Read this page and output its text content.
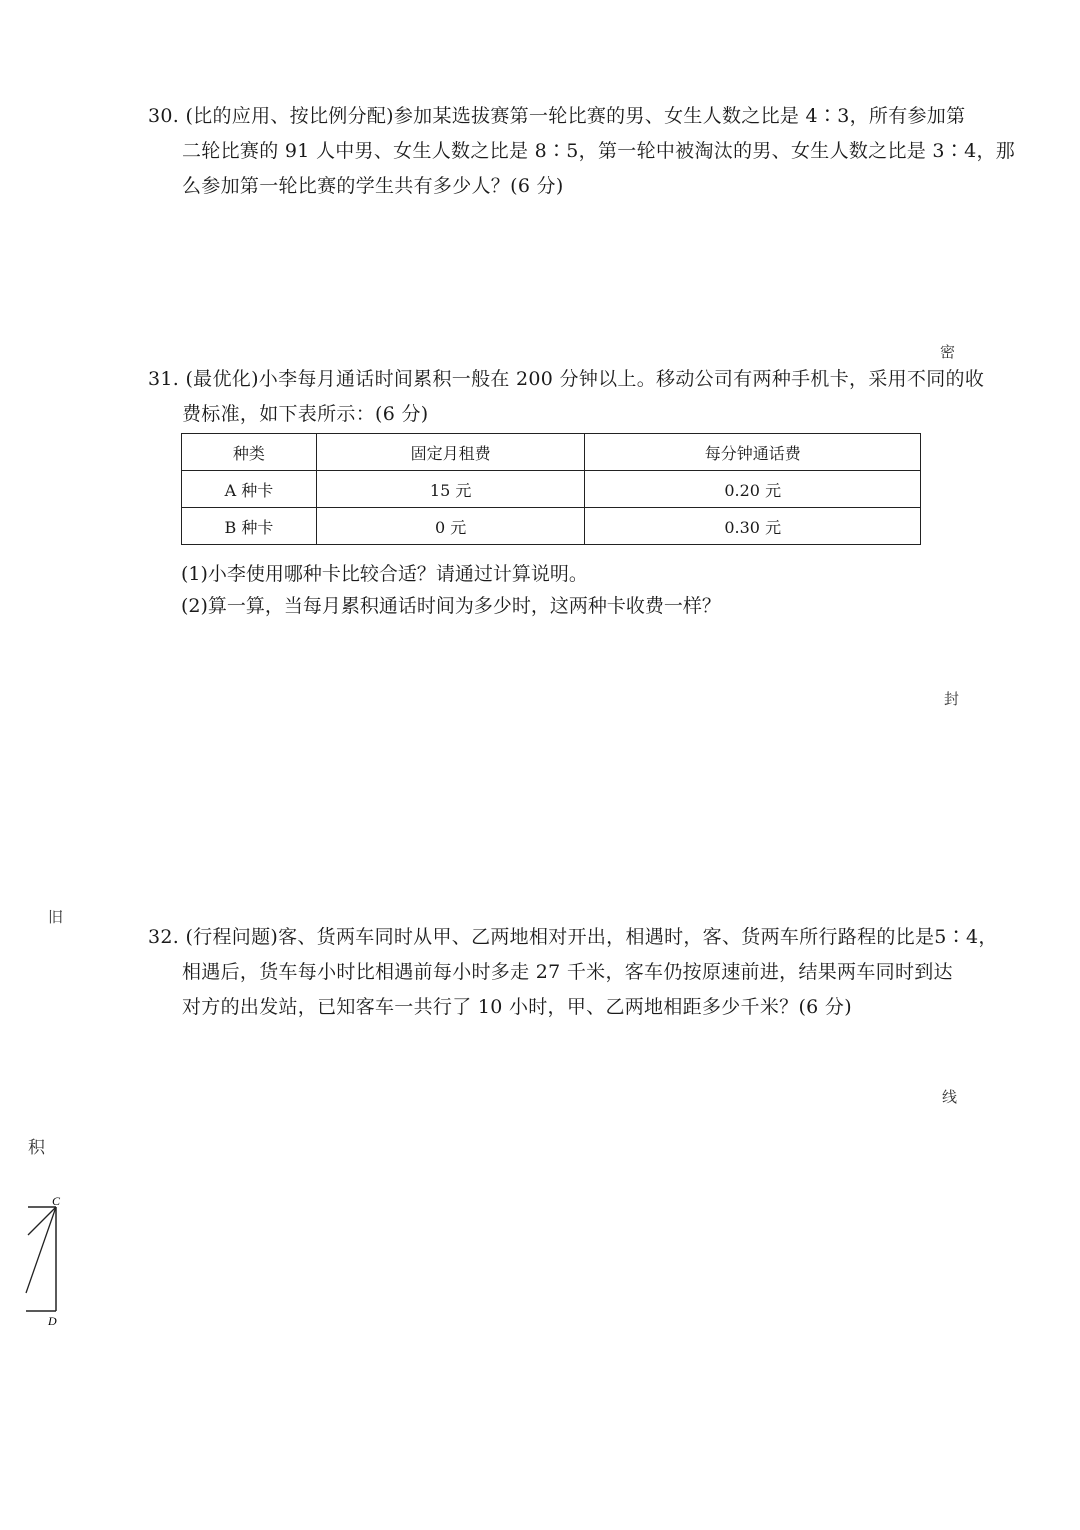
30. (比的应用、按比例分配)参加某选拔赛第一轮比赛的男、女生人数之比是 4∶3，所有参加第
二轮比赛的 91 人中男、女生人数之比是 8∶5，第一轮中被淘汰的男、女生人数之比是 3∶4，那
么参加第一轮比赛的学生共有多少人？(6 分)
31. (最优化)小李每月通话时间累积一般在 200 分钟以上。移动公司有两种手机卡，采用不同的收
费标准，如下表所示：(6 分)
种类	固定月租费	每分钟通话费
A 种卡	15 元	0.20 元
B 种卡	0 元	0.30 元
(1)小李使用哪种卡比较合适？请通过计算说明。
(2)算一算，当每月累积通话时间为多少时，这两种卡收费一样？
32. (行程问题)客、货两车同时从甲、乙两地相对开出，相遇时，客、货两车所行路程的比是5∶4，
相遇后，货车每小时比相遇前每小时多走 27 千米，客车仍按原速前进，结果两车同时到达
对方的出发站，已知客车一共行了 10 小时，甲、乙两地相距多少千米？(6 分)
密
封
线
旧
积
C
D
